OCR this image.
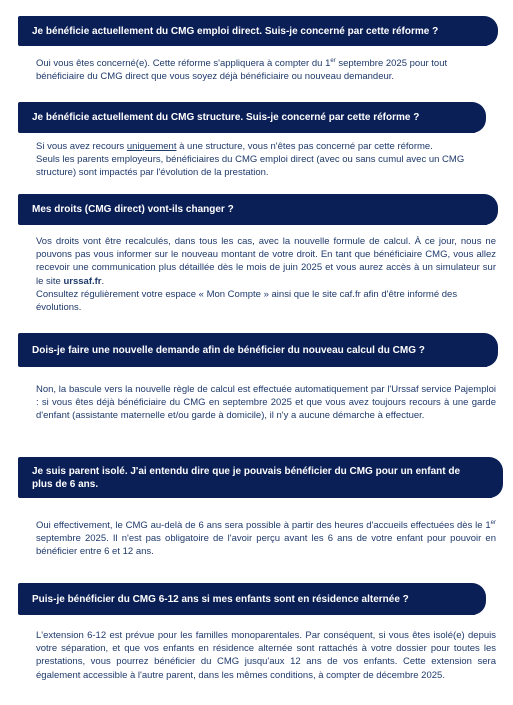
Je bénéficie actuellement du CMG emploi direct. Suis-je concerné par cette réforme ?

Oui vous êtes concerné(e). Cette réforme s'appliquera à compter du 1er septembre 2025 pour tout bénéficiaire du CMG direct que vous soyez déjà bénéficiaire ou nouveau demandeur.

Je bénéficie actuellement du CMG structure. Suis-je concerné par cette réforme ?

Si vous avez recours uniquement à une structure, vous n'êtes pas concerné par cette réforme.

Seuls les parents employeurs, bénéficiaires du CMG emploi direct (avec ou sans cumul avec un CMG structure) sont impactés par l'évolution de la prestation.

Mes droits (CMG direct) vont-ils changer ?

Vos droits vont être recalculés, dans tous les cas, avec la nouvelle formule de calcul. À ce jour, nous ne pouvons pas vous informer sur le nouveau montant de votre droit. En tant que bénéficiaire CMG, vous allez recevoir une communication plus détaillée dès le mois de juin 2025 et vous aurez accès à un simulateur sur le site urssaf.fr.

Consultez régulièrement votre espace « Mon Compte » ainsi que le site caf.fr afin d'être informé des évolutions.

Dois-je faire une nouvelle demande afin de bénéficier du nouveau calcul du CMG ?

Non, la bascule vers la nouvelle règle de calcul est effectuée automatiquement par l'Urssaf service Pajemploi : si vous êtes déjà bénéficiaire du CMG en septembre 2025 et que vous avez toujours recours à une garde d'enfant (assistante maternelle et/ou garde à domicile), il n'y a aucune démarche à effectuer.

Je suis parent isolé. J'ai entendu dire que je pouvais bénéficier du CMG pour un enfant de plus de 6 ans.

Oui effectivement, le CMG au-delà de 6 ans sera possible à partir des heures d'accueils effectuées dès le 1er septembre 2025. Il n'est pas obligatoire de l'avoir perçu avant les 6 ans de votre enfant pour pouvoir en bénéficier entre 6 et 12 ans.

Puis-je bénéficier du CMG 6-12 ans si mes enfants sont en résidence alternée ?

L'extension 6-12 est prévue pour les familles monoparentales. Par conséquent, si vous êtes isolé(e) depuis votre séparation, et que vos enfants en résidence alternée sont rattachés à votre dossier pour toutes les prestations, vous pourrez bénéficier du CMG jusqu'aux 12 ans de vos enfants. Cette extension sera également accessible à l'autre parent, dans les mêmes conditions, à compter de décembre 2025.
